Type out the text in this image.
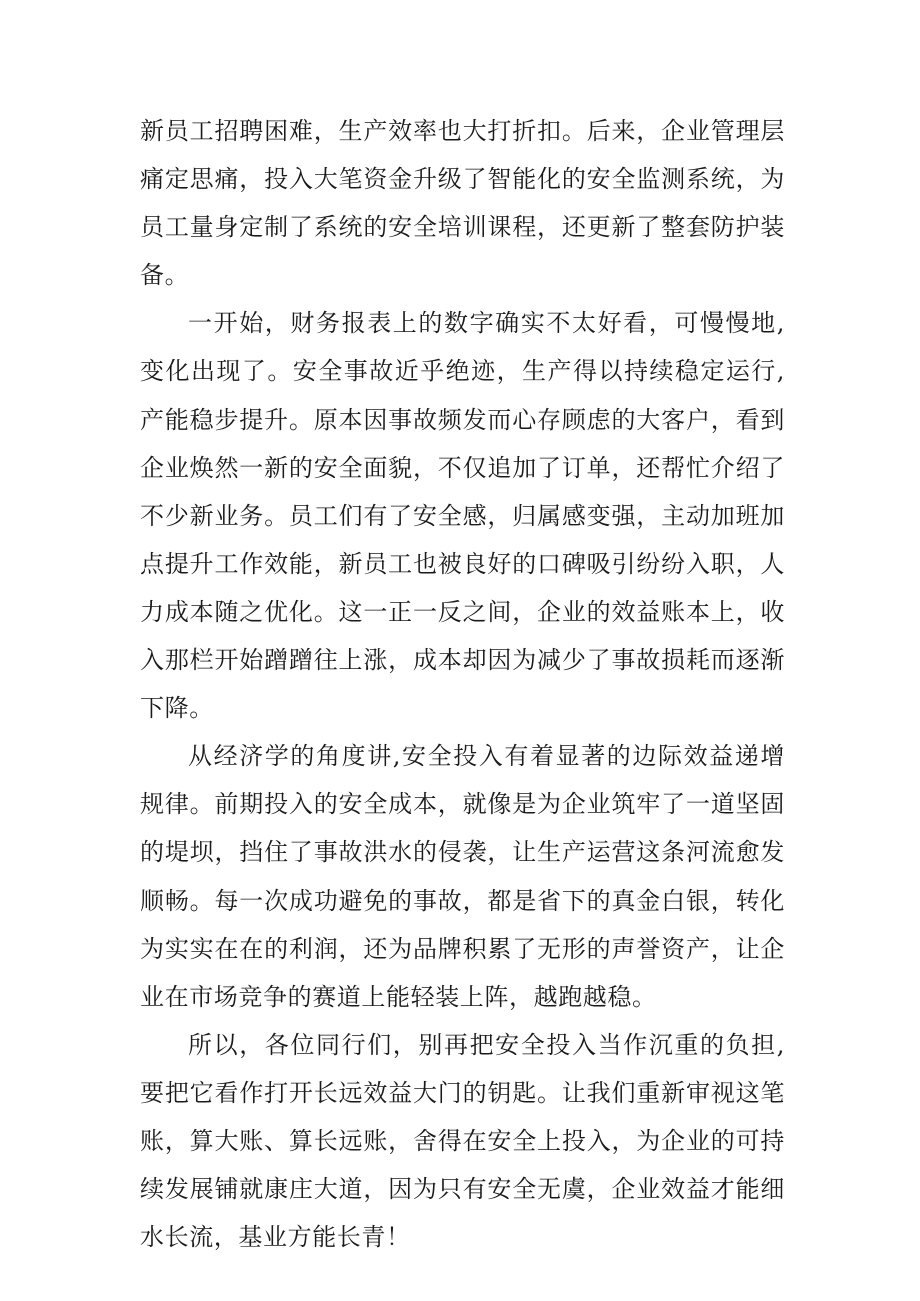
新员工招聘困难，生产效率也大打折扣。后来，企业管理层痛定思痛，投入大笔资金升级了智能化的安全监测系统，为员工量身定制了系统的安全培训课程，还更新了整套防护装备。

一开始，财务报表上的数字确实不太好看，可慢慢地,变化出现了。安全事故近乎绝迹，生产得以持续稳定运行,产能稳步提升。原本因事故频发而心存顾虑的大客户，看到企业焕然一新的安全面貌，不仅追加了订单，还帮忙介绍了不少新业务。员工们有了安全感，归属感变强，主动加班加点提升工作效能，新员工也被良好的口碑吸引纷纷入职，人力成本随之优化。这一正一反之间，企业的效益账本上，收入那栏开始蹭蹭往上涨，成本却因为减少了事故损耗而逐渐下降。

从经济学的角度讲,安全投入有着显著的边际效益递增规律。前期投入的安全成本，就像是为企业筑牢了一道坚固的堤坝，挡住了事故洪水的侵袭，让生产运营这条河流愈发顺畅。每一次成功避免的事故，都是省下的真金白银，转化为实实在在的利润，还为品牌积累了无形的声誉资产，让企业在市场竞争的赛道上能轻装上阵，越跑越稳。

所以，各位同行们，别再把安全投入当作沉重的负担,要把它看作打开长远效益大门的钥匙。让我们重新审视这笔账，算大账、算长远账，舍得在安全上投入，为企业的可持续发展铺就康庄大道，因为只有安全无虞，企业效益才能细水长流，基业方能长青！
